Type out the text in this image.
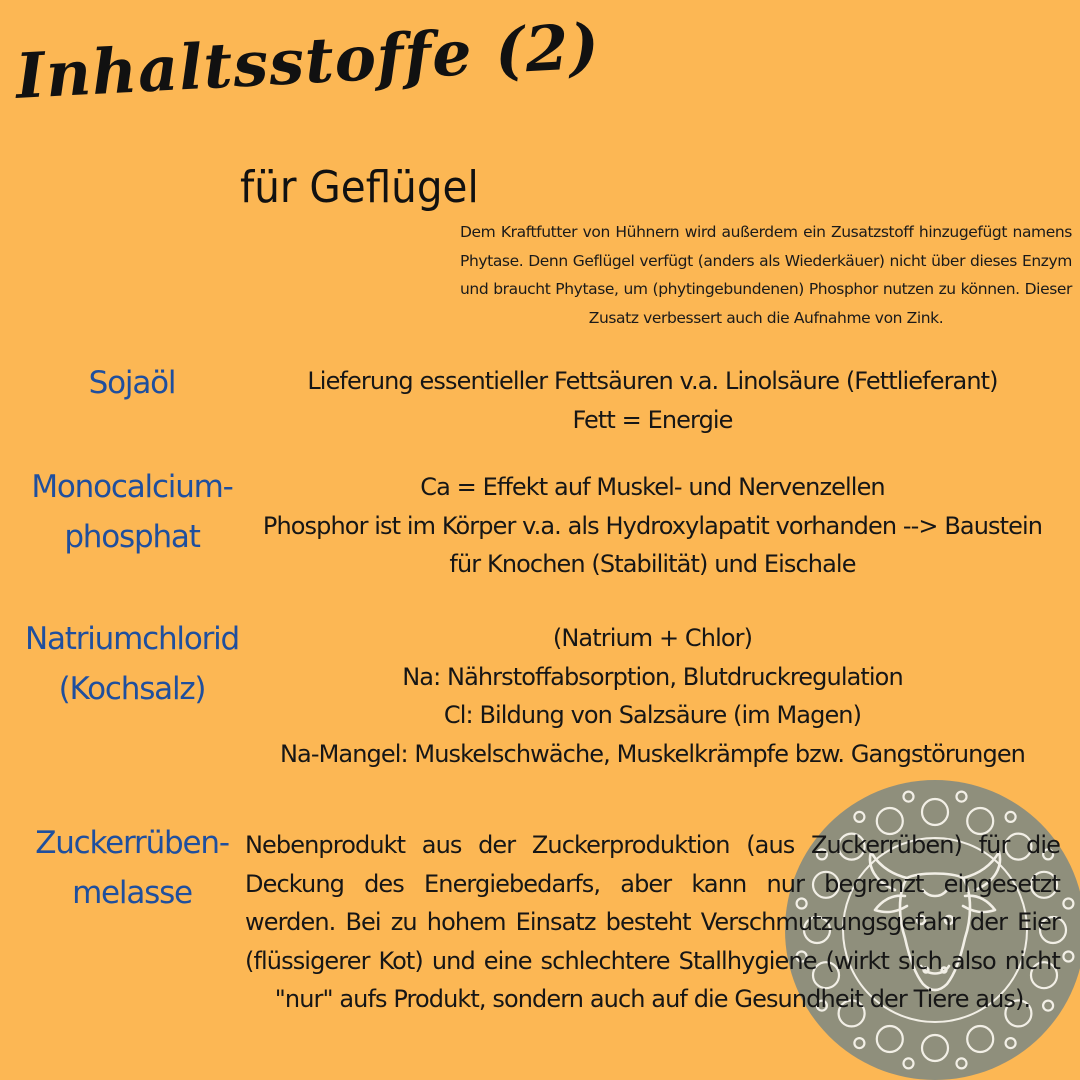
Inhaltsstoffe (2)
für Geflügel
Dem Kraftfutter von Hühnern wird außerdem ein Zusatzstoff hinzugefügt namens Phytase. Denn Geflügel verfügt (anders als Wiederkäuer) nicht über dieses Enzym und braucht Phytase, um (phytingebundenen) Phosphor nutzen zu können. Dieser Zusatz verbessert auch die Aufnahme von Zink.
Sojaöl	Lieferung essentieller Fettsäuren v.a. Linolsäure (Fettlieferant)
Fett = Energie
Monocalcium-
phosphat
Ca = Effekt auf Muskel- und Nervenzellen
Phosphor ist im Körper v.a. als Hydroxylapatit vorhanden --> Baustein für Knochen (Stabilität) und Eischale
Natriumchlorid
(Kochsalz)
(Natrium + Chlor)
Na: Nährstoffabsorption, Blutdruckregulation
Cl: Bildung von Salzsäure (im Magen)
Na-Mangel: Muskelschwäche, Muskelkrämpfe bzw. Gangstörungen
Zuckerrüben-
melasse
Nebenprodukt aus der Zuckerproduktion (aus Zuckerrüben) für die Deckung des Energiebedarfs, aber kann nur begrenzt eingesetzt werden. Bei zu hohem Einsatz besteht Verschmutzungsgefahr der Eier (flüssigerer Kot) und eine schlechtere Stallhygiene (wirkt sich also nicht "nur" aufs Produkt, sondern auch auf die Gesundheit der Tiere aus).
